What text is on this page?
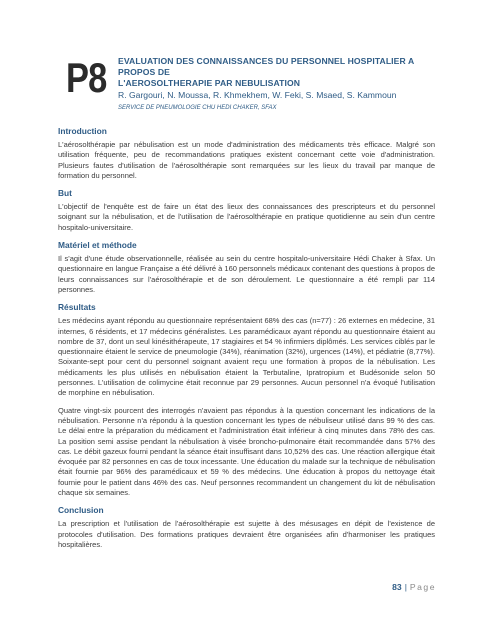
P8 EVALUATION DES CONNAISSANCES DU PERSONNEL HOSPITALIER A PROPOS DE
L'AEROSOLTHERAPIE PAR NEBULISATION
R. Gargouri, N. Moussa, R. Khmekhem, W. Feki, S. Msaed, S. Kammoun
SERVICE DE PNEUMOLOGIE CHU HEDI CHAKER, SFAX
Introduction

L'aérosolthérapie par nébulisation est un mode d'administration des médicaments très efficace. Malgré son utilisation fréquente, peu de recommandations pratiques existent concernant cette voie d'administration. Plusieurs fautes d'utilisation de l'aérosolthérapie sont remarquées sur les lieux du travail par manque de formation du personnel.

But

L'objectif de l'enquête est de faire un état des lieux des connaissances des prescripteurs et du personnel soignant sur la nébulisation, et de l'utilisation de l'aérosolthérapie en pratique quotidienne au sein d'un centre hospitalo-universitaire.

Matériel et méthode

Il s'agit d'une étude observationnelle, réalisée au sein du centre hospitalo-universitaire Hédi Chaker à Sfax. Un questionnaire en langue Française a été délivré à 160 personnels médicaux contenant des questions à propos de leurs connaissances sur l'aérosolthérapie et de son déroulement. Le questionnaire a été rempli par 114 personnes.

Résultats

Les médecins ayant répondu au questionnaire représentaient 68% des cas (n=77) : 26 externes en médecine, 31 internes, 6 résidents, et 17 médecins généralistes. Les paramédicaux ayant répondu au questionnaire étaient au nombre de 37, dont un seul kinésithérapeute, 17 stagiaires et 54 % infirmiers diplômés. Les services ciblés par le questionnaire étaient le service de pneumologie (34%), réanimation (32%), urgences (14%), et pédiatrie (8,77%). Soixante-sept pour cent du personnel soignant avaient reçu une formation à propos de la nébulisation. Les médicaments les plus utilisés en nébulisation étaient la Terbutaline, Ipratropium et Budésonide selon 50 personnes. L'utilisation de colimycine était reconnue par 29 personnes. Aucun personnel n'a évoqué l'utilisation de morphine en nébulisation.

Quatre vingt-six pourcent des interrogés n'avaient pas répondus à la question concernant les indications de la nébulisation. Personne n'a répondu à la question concernant les types de nébuliseur utilisé dans 99 % des cas. Le délai entre la préparation du médicament et l'administration était inférieur à cinq minutes dans 78% des cas. La position semi assise pendant la nébulisation à visée broncho-pulmonaire était recommandée dans 57% des cas. Le débit gazeux fourni pendant la séance était insuffisant dans 10,52% des cas. Une réaction allergique était évoquée par 82 personnes en cas de toux incessante. Une éducation du malade sur la technique de nébulisation était fournie par 96% des paramédicaux et 59 % des médecins. Une éducation à propos du nettoyage était fournie pour le patient dans 46% des cas. Neuf personnes recommandent un changement du kit de nébulisation chaque six semaines.

Conclusion

La prescription et l'utilisation de l'aérosolthérapie est sujette à des mésusages en dépit de l'existence de protocoles d'utilisation. Des formations pratiques devraient être organisées afin d'harmoniser les pratiques hospitalières.

83 | Page
